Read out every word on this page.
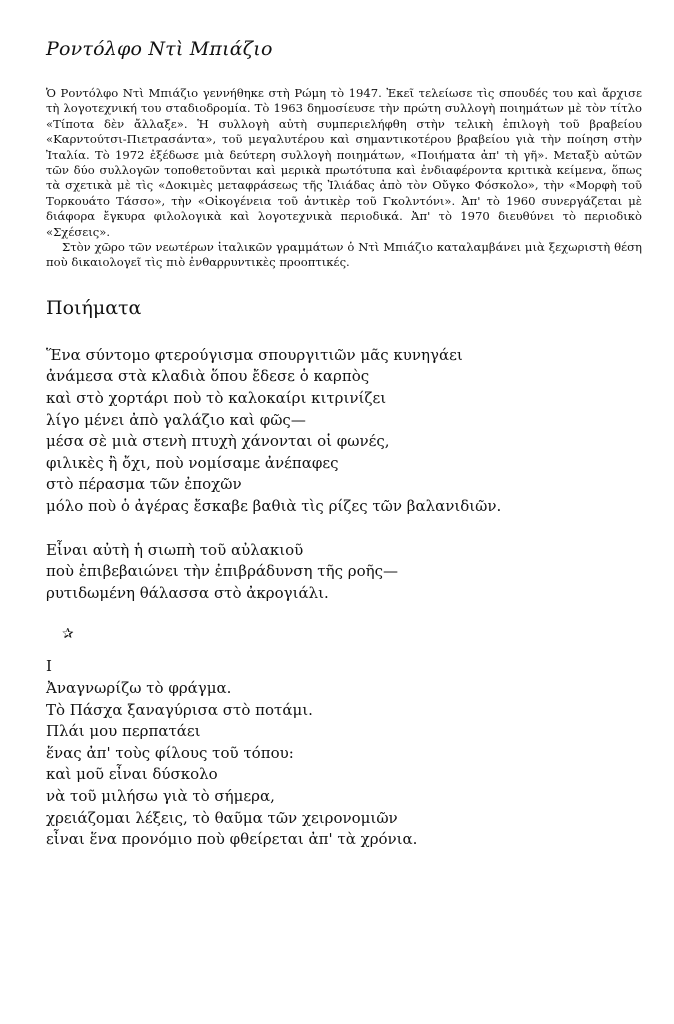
Ροντόλφο Ντὶ Μπιάζιο

Ὁ Ροντόλφο Ντὶ Μπιάζιο γεννήθηκε στὴ Ρώμη τὸ 1947. Ἐκεῖ τελείωσε τὶς σπουδές του καὶ ἄρχισε τὴ λογοτεχνική του σταδιοδρομία. Τὸ 1963 δημοσίευσε τὴν πρώτη συλλογὴ ποιημάτων μὲ τὸν τίτλο «Τίποτα δὲν ἄλλαξε». Ἡ συλλογὴ αὐτὴ συμπεριελήφθη στὴν τελικὴ ἐπιλογὴ τοῦ βραβείου «Καρντούτσι-Πιετρασάντα», τοῦ μεγαλυτέρου καὶ σημαντικοτέρου βραβείου γιὰ τὴν ποίηση στὴν Ἰταλία. Τὸ 1972 ἐξέδωσε μιὰ δεύτερη συλλογὴ ποιημάτων, «Ποιήματα ἀπ' τὴ γῆ». Μεταξὺ αὐτῶν τῶν δύο συλλογῶν τοποθετοῦνται καὶ μερικὰ πρωτότυπα καὶ ἐνδιαφέροντα κριτικὰ κείμενα, ὅπως τὰ σχετικὰ μὲ τὶς «Δοκιμὲς μεταφράσεως τῆς Ἰλιάδας ἀπὸ τὸν Οὔγκο Φόσκολο», τὴν «Μορφὴ τοῦ Τορκουάτο Τάσσο», τὴν «Οἰκογένεια τοῦ ἀντικὲρ τοῦ Γκολντόνι». Ἀπ' τὸ 1960 συνεργάζεται μὲ διάφορα ἔγκυρα φιλολογικὰ καὶ λογοτεχνικὰ περιοδικά. Ἀπ' τὸ 1970 διευθύνει τὸ περιοδικὸ «Σχέσεις».

Στὸν χῶρο τῶν νεωτέρων ἰταλικῶν γραμμάτων ὁ Ντὶ Μπιάζιο καταλαμβάνει μιὰ ξεχωριστὴ θέση ποὺ δικαιολογεῖ τὶς πιὸ ἐνθαρρυντικὲς προοπτικές.

Ποιήματα
Ἕνα σύντομο φτερούγισμα σπουργιτιῶν μᾶς κυνηγάει
ἀνάμεσα στὰ κλαδιὰ ὅπου ἔδεσε ὁ καρπὸς
καὶ στὸ χορτάρι ποὺ τὸ καλοκαίρι κιτρινίζει
λίγο μένει ἀπὸ γαλάζιο καὶ φῶς—
μέσα σὲ μιὰ στενὴ πτυχὴ χάνονται οἱ φωνές,
φιλικὲς ἢ ὄχι, ποὺ νομίσαμε ἀνέπαφες
στὸ πέρασμα τῶν ἐποχῶν
μόλο ποὺ ὁ ἀγέρας ἔσκαβε βαθιὰ τὶς ρίζες τῶν βαλανιδιῶν.
Εἶναι αὐτὴ ἡ σιωπὴ τοῦ αὐλακιοῦ
ποὺ ἐπιβεβαιώνει τὴν ἐπιβράδυνση τῆς ροῆς—
ρυτιδωμένη θάλασσα στὸ ἀκρογιάλι.
✰
I
Ἀναγνωρίζω τὸ φράγμα.
Τὸ Πάσχα ξαναγύρισα στὸ ποτάμι.
Πλάι μου περπατάει
ἕνας ἀπ' τοὺς φίλους τοῦ τόπου:
καὶ μοῦ εἶναι δύσκολο
νὰ τοῦ μιλήσω γιὰ τὸ σήμερα,
χρειάζομαι λέξεις, τὸ θαῦμα τῶν χειρονομιῶν
εἶναι ἕνα προνόμιο ποὺ φθείρεται ἀπ' τὰ χρόνια.
